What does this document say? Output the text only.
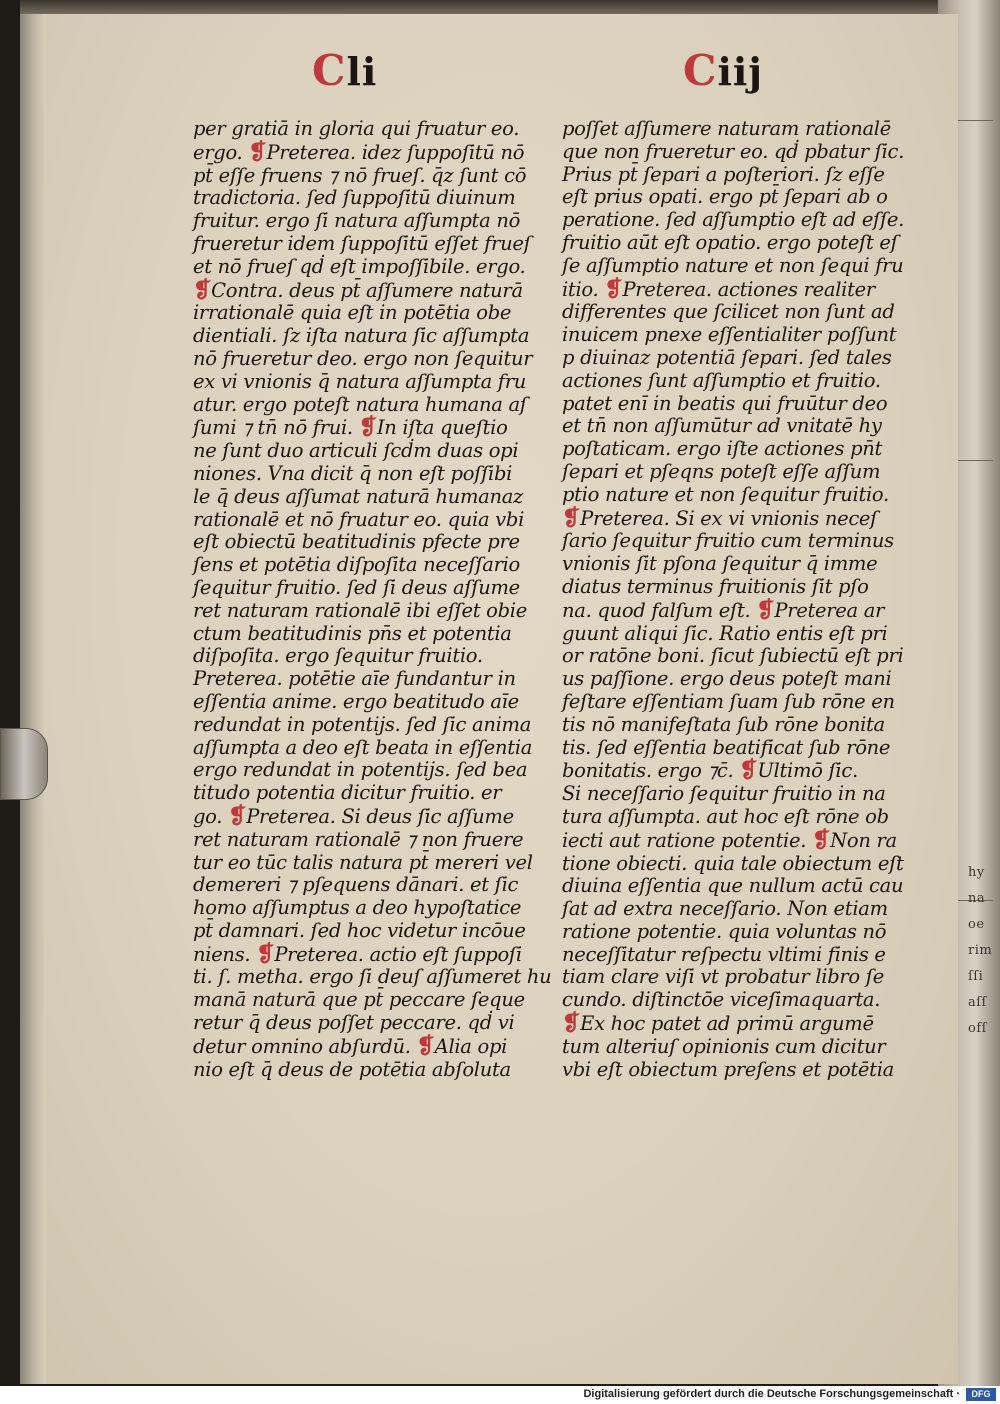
hy
na
oe
rim
ſſi
aſſ
ofſ
Cli	Ciij
per gratiā in gloria qui fruatur eo.
ergo. ❡Preterea. idez ſuppoſitū nō
pt̄ eſſe fruens ⁊ nō frueſ. q̄z ſunt cō
tradictoria. ſed ſuppoſitū diuinum
fruitur. ergo ſi natura aſſumpta nō
frueretur idem ſuppoſitū eſſet frueſ
et nō frueſ qḋ eſt impoſſibile. ergo.
❡Contra. deus pt̄ aſſumere naturā
irrationalē quia eſt in potētia obe
dientiali. ſz iſta natura ſic aſſumpta
nō frueretur deo. ergo non ſequitur
ex vi vnionis q̄ natura aſſumpta fru
atur. ergo poteſt natura humana aſ
ſumi ⁊ tn̄ nō frui. ❡In iſta queſtio
ne ſunt duo articuli ſcḋm duas opi
niones. Vna dicit q̄ non eſt poſſibi
le q̄ deus aſſumat naturā humanaz
rationalē et nō fruatur eo. quia vbi
eſt obiectū beatitudinis pfecte pre
ſens et potētia diſpoſita neceſſario
ſequitur fruitio. ſed ſi deus aſſume
ret naturam rationalē ibi eſſet obie
ctum beatitudinis pn̄s et potentia
diſpoſita. ergo ſequitur fruitio.
Preterea. potētie aīe fundantur in
eſſentia anime. ergo beatitudo aīe
redundat in potentijs. ſed ſic anima
aſſumpta a deo eſt beata in eſſentia
ergo redundat in potentijs. ſed bea
titudo potentia dicitur fruitio. er
go. ❡Preterea. Si deus ſic aſſume
ret naturam rationalē ⁊ non fruere
tur eo tūc talis natura pt̄ mereri vel
demereri ⁊ pſequens dānari. et ſic
homo aſſumptus a deo hypoſtatice
pt̄ damnari. ſed hoc videtur incōue
niens. ❡Preterea. actio eſt ſuppoſi
ti. ſ. metha. ergo ſi deuſ aſſumeret hu
manā naturā que pt̄ peccare ſeque
retur q̄ deus poſſet peccare. qḋ vi
detur omnino abſurdū. ❡Alia opi
nio eſt q̄ deus de potētia abſoluta
poſſet aſſumere naturam rationalē
que non frueretur eo. qḋ pbatur ſic.
Prius pt̄ ſepari a poſteriori. ſz eſſe
eſt prius opati. ergo pt̄ ſepari ab o
peratione. ſed aſſumptio eſt ad eſſe.
fruitio aūt eſt opatio. ergo poteſt eſ
ſe aſſumptio nature et non ſequi fru
itio. ❡Preterea. actiones realiter
differentes que ſcilicet non ſunt ad
inuicem pnexe eſſentialiter poſſunt
p diuinaz potentiā ſepari. ſed tales
actiones ſunt aſſumptio et fruitio.
patet enī in beatis qui fruūtur deo
et tn̄ non aſſumūtur ad vnitatē hy
poſtaticam. ergo iſte actiones pn̄t
ſepari et pſeqns poteſt eſſe aſſum
ptio nature et non ſequitur fruitio.
❡Preterea. Si ex vi vnionis neceſ
ſario ſequitur fruitio cum terminus
vnionis ſit pſona ſequitur q̄ imme
diatus terminus fruitionis ſit pſo
na. quod falſum eſt. ❡Preterea ar
guunt aliqui ſic. Ratio entis eſt pri
or ratōne boni. ſicut ſubiectū eſt pri
us paſſione. ergo deus poteſt mani
feſtare eſſentiam ſuam ſub rōne en
tis nō manifeſtata ſub rōne bonita
tis. ſed eſſentia beatificat ſub rōne
bonitatis. ergo ⁊c̄. ❡Ultimō ſic.
Si neceſſario ſequitur fruitio in na
tura aſſumpta. aut hoc eſt rōne ob
iecti aut ratione potentie. ❡Non ra
tione obiecti. quia tale obiectum eſt
diuina eſſentia que nullum actū cau
ſat ad extra neceſſario. Non etiam
ratione potentie. quia voluntas nō
neceſſitatur reſpectu vltimi finis e
tiam clare viſi vt probatur libro ſe
cundo. diſtinctōe viceſimaquarta.
❡Ex hoc patet ad primū argumē
tum alteriuſ opinionis cum dicitur
vbi eſt obiectum preſens et potētia
Digitalisierung gefördert durch die Deutsche Forschungsgemeinschaft ·	DFG
